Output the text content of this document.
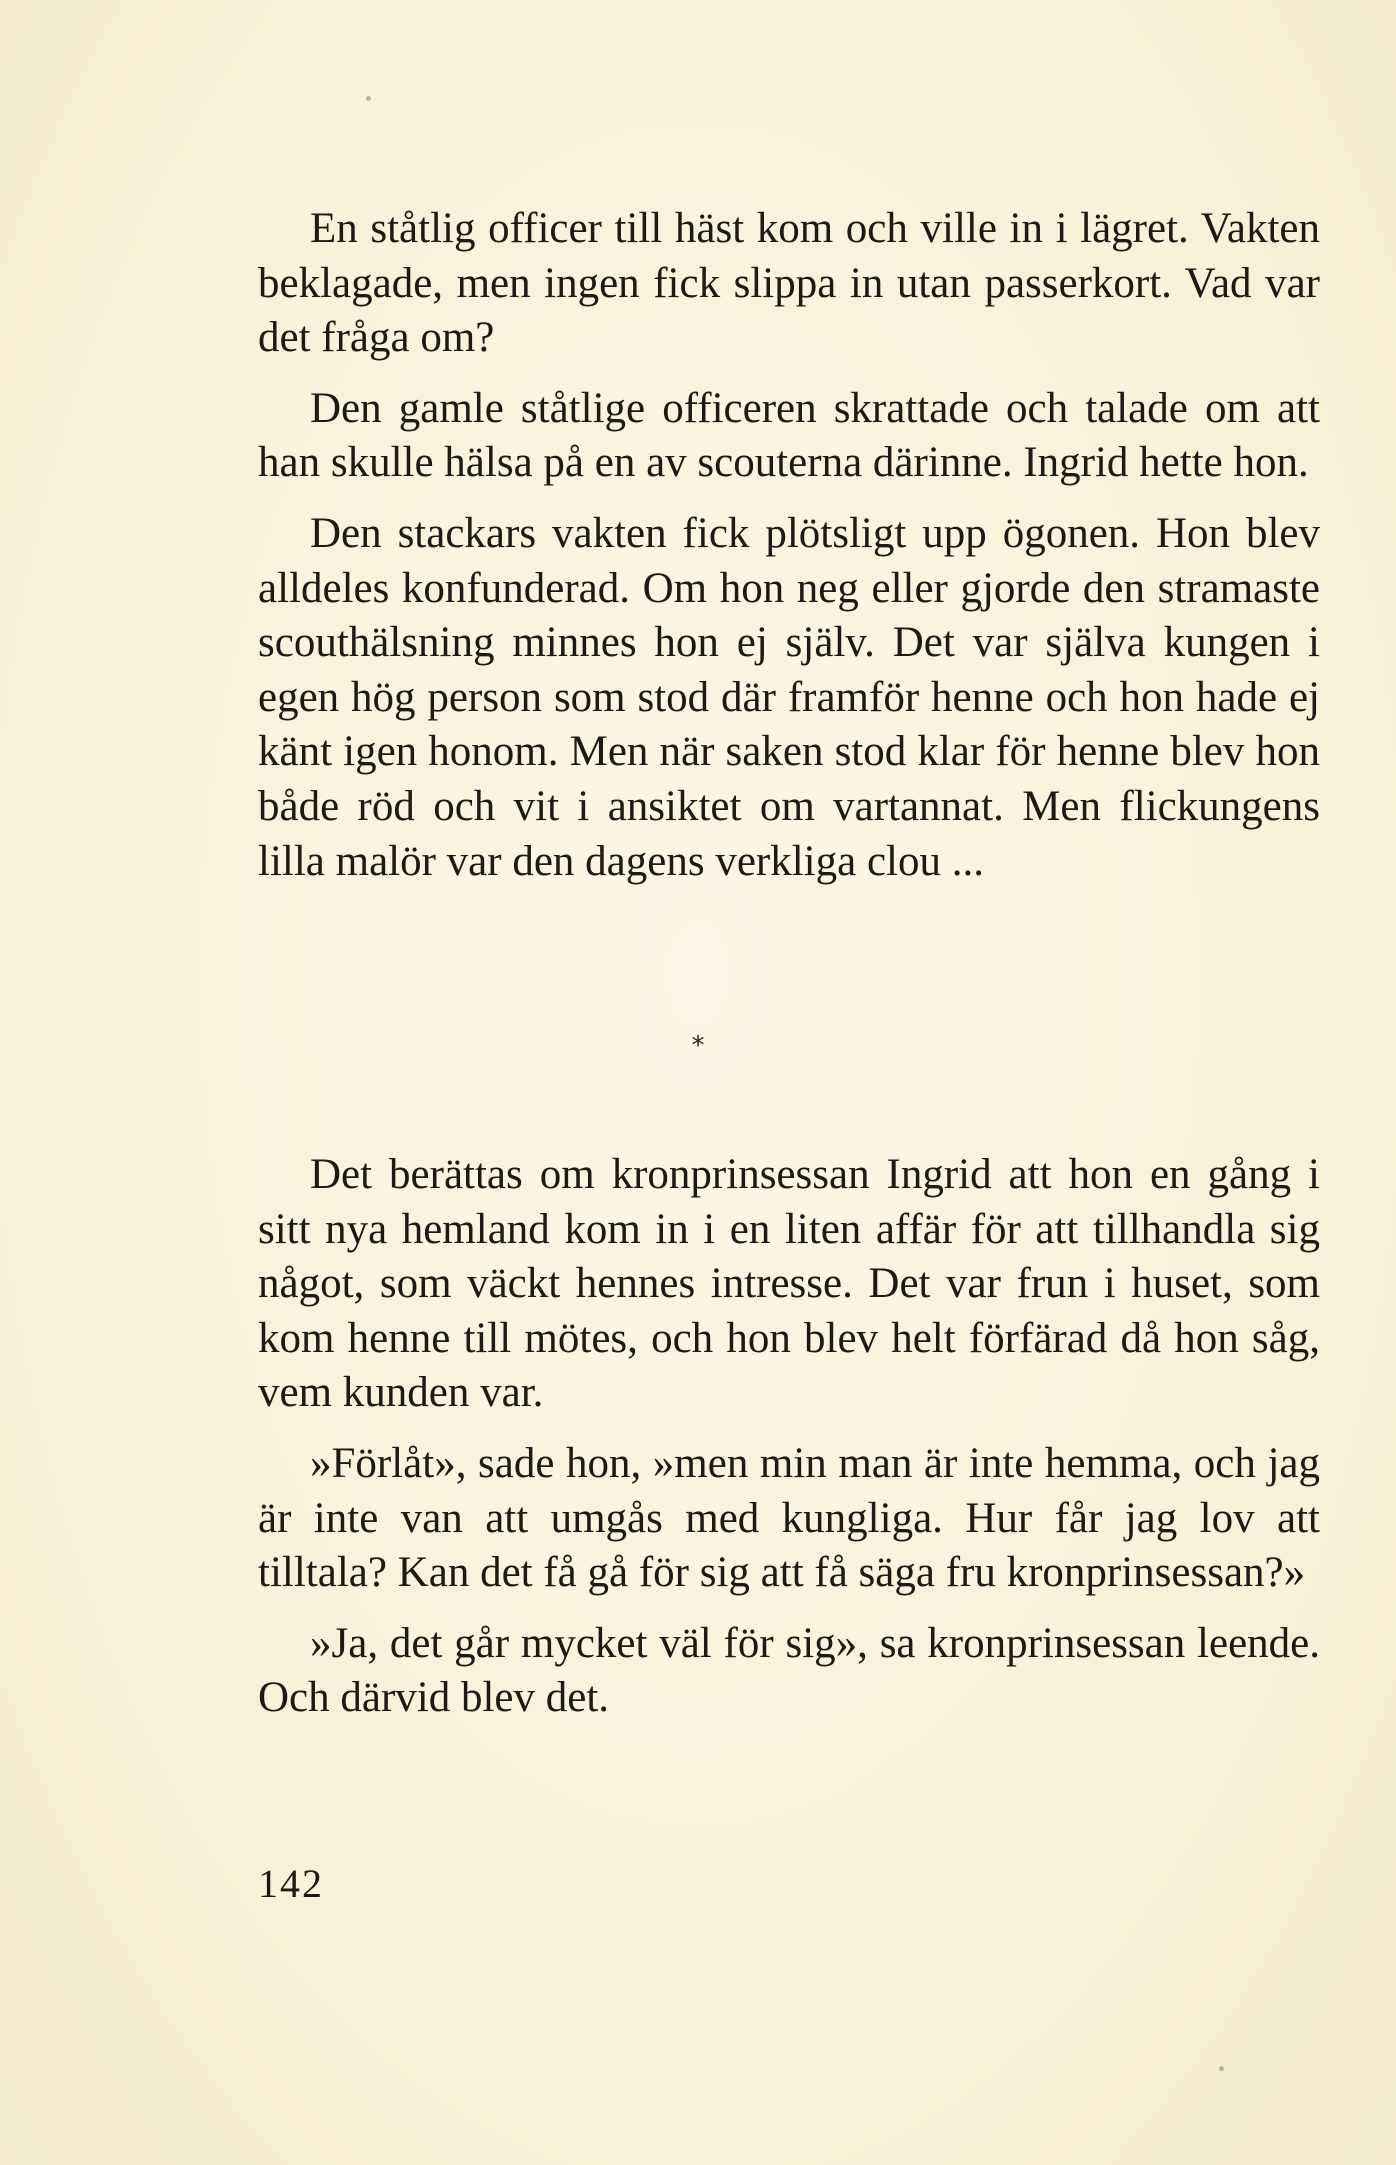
En ståtlig officer till häst kom och ville in i lägret. Vakten beklagade, men ingen fick slippa in utan passerkort. Vad var det fråga om?

Den gamle ståtlige officeren skrattade och talade om att han skulle hälsa på en av scouterna därinne. Ingrid hette hon.

Den stackars vakten fick plötsligt upp ögonen. Hon blev alldeles konfunderad. Om hon neg eller gjorde den stramaste scouthälsning minnes hon ej själv. Det var själva kungen i egen hög person som stod där framför henne och hon hade ej känt igen honom. Men när saken stod klar för henne blev hon både röd och vit i ansiktet om vartannat. Men flickungens lilla malör var den dagens verkliga clou ...

*

Det berättas om kronprinsessan Ingrid att hon en gång i sitt nya hemland kom in i en liten affär för att tillhandla sig något, som väckt hennes intresse. Det var frun i huset, som kom henne till mötes, och hon blev helt förfärad då hon såg, vem kunden var.

»Förlåt», sade hon, »men min man är inte hemma, och jag är inte van att umgås med kungliga. Hur får jag lov att tilltala? Kan det få gå för sig att få säga fru kronprinsessan?»

»Ja, det går mycket väl för sig», sa kronprinsessan leende. Och därvid blev det.

142
